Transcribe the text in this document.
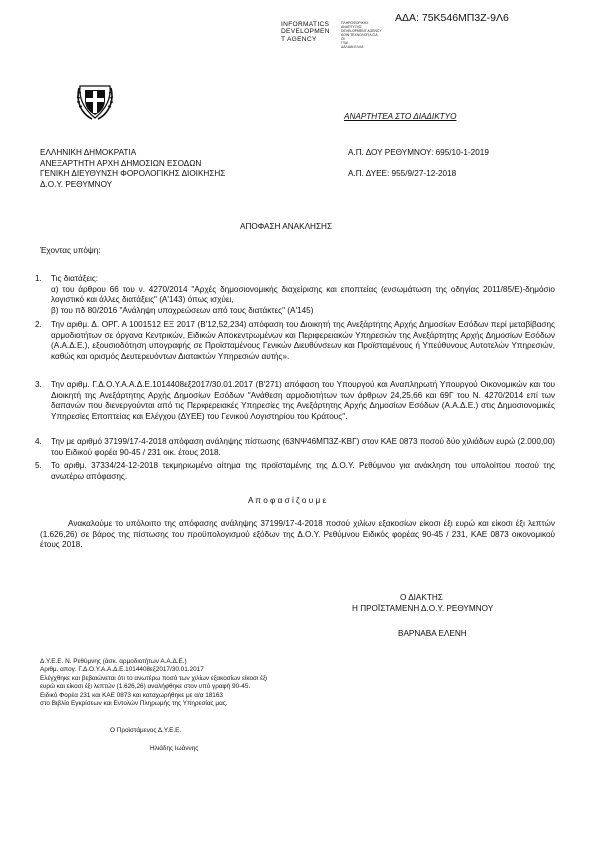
ΑΔΑ: 75Κ546ΜΠ3Ζ-9Λ6
INFORMATICS
DEVELOPMEN
T AGENCY
ΠΛΗΡΟΦΟΡΙΚΗΣ
ΑΝΑΠΤΥΞΗΣ
DEVELOPMENT AGENCY
ΚΟΙΝ ΤΕΧΝΟΛΟΓΙΑ ΙΣΑ
ΟΙ
ΓΥΑΙ
ΔΑΛΙΑΝ ΕΛΛΑ
ΑΝΑΡΤΗΤΕΑ ΣΤΟ ΔΙΑΔΙΚΤΥΟ
ΕΛΛΗΝΙΚΗ ΔΗΜΟΚΡΑΤΙΑ
ΑΝΕΞΑΡΤΗΤΗ ΑΡΧΗ ΔΗΜΟΣΙΩΝ ΕΣΟΔΩΝ
ΓΕΝΙΚΗ ΔΙΕΥΘΥΝΣΗ ΦΟΡΟΛΟΓΙΚΗΣ ΔΙΟΙΚΗΣΗΣ
Δ.Ο.Υ. ΡΕΘΥΜΝΟΥ
Α.Π. ΔΟΥ ΡΕΘΥΜΝΟΥ: 695/10-1-2019
Α.Π. ΔΥΕΕ: 955/9/27-12-2018
ΑΠΟΦΑΣΗ ΑΝΑΚΛΗΣΗΣ
Έχοντας υπόψη:
1. Τις διατάξεις:
α) του άρθρου 66 του ν. 4270/2014 "Αρχές δημοσιονομικής διαχείρισης και εποπτείας (ενσωμάτωση της οδηγίας 2011/85/Ε)-δημόσιο λογιστικό και άλλες διατάξεις" (Α'143) όπως ισχύει,
β) του πδ 80/2016 "Ανάληψη υποχρεώσεων από τους διατάκτες" (Α'145)
2. Την αριθμ. Δ. ΟΡΓ. Α 1001512 ΕΞ 2017 (Β'12,52,234) απόφαση του Διοικητή της Ανεξάρτητης Αρχής Δημοσίων Εσόδων περί μεταβίβασης αρμοδιοτήτων σε όργανα Κεντρικών, Ειδικών Αποκεντρωμένων και Περιφερειακών Υπηρεσιών της Ανεξάρτητης Αρχής Δημοσίων Εσόδων (Α.Α.Δ.Ε.), εξουσιοδότηση υπογραφής σε Προϊσταμένους Γενικών Διευθύνσεων και Προϊσταμένους ή Υπεύθυνους Αυτοτελών Υπηρεσιών, καθώς και ορισμός Δευτερευόντων Διατακτών Υπηρεσιών αυτής».
3. Την αριθμ. Γ.Δ.Ο.Υ.Α.Α.Δ.Ε.1014408εξ2017/30.01.2017 (Β'271) απόφαση του Υπουργού και Αναπληρωτή Υπουργού Οικονομικών και του Διοικητή της Ανεξάρτητης Αρχής Δημοσίων Εσόδων "Ανάθεση αρμοδιοτήτων των άρθρων 24,25,66 και 69Γ του Ν. 4270/2014 επί των δαπανών που διενεργούνται από τις Περιφερειακές Υπηρεσίες της Ανεξάρτητης Αρχής Δημοσίων Εσόδων (Α.Α.Δ.Ε.) στις Δημοσιονομικές Υπηρεσίες Εποπτείας και Ελέγχου (ΔΥΕΕ) του Γενικού Λογιστηρίου του Κράτους".
4. Την με αριθμό 37199/17-4-2018 απόφαση ανάληψης πίστωσης (63ΝΨ46ΜΠ3Ζ-ΚΒΓ) στον ΚΑΕ 0873 ποσού δύο χιλιάδων ευρώ (2.000,00) του Ειδικού φορέα 90-45 / 231 οικ. έτους 2018.
5. Το αριθμ. 37334/24-12-2018 τεκμηριωμένο αίτημα της προϊσταμένης της Δ.Ο.Υ. Ρεθύμνου για ανάκληση του υπολοίπου ποσού της ανωτέρω απόφασης.
Α π ο φ α σ ί ζ ο υ μ ε
Ανακαλούμε το υπόλοιπο της απόφασης ανάληψης 37199/17-4-2018 ποσού χιλίων εξακοσίων είκοσι έξι ευρώ και είκοσι έξι λεπτών (1.626,26) σε βάρος της πίστωσης του προϋπολογισμού εξόδων της Δ.Ο.Υ. Ρεθύμνου Ειδικός φορέας 90-45 / 231, ΚΑΕ 0873 οικονομικού έτους 2018.
Ο ΔΙΑΚΤΗΣ
Η ΠΡΟΪΣΤΑΜΕΝΗ Δ.Ο.Υ. ΡΕΘΥΜΝΟΥ
ΒΑΡΝΑΒΑ ΕΛΕΝΗ
Δ.Υ.Ε.Ε. Ν. Ρεθύμνης (άσκ. αρμοδιοτήτων Α.Α.Δ.Ε.)
Αριθμ. απογ. Γ.Δ.Ο.Υ.Α.Α.Δ.Ε.1014408εξ2017/30.01.2017
Ελέγχθηκε και βεβαιώνεται ότι το ανωτέρω ποσό των χιλίων εξακοσίων είκοσι έξι
ευρώ και είκοσι έξι λεπτών (1.626,26) αναλήφθηκε στον υπό γραφή 90-45.
Ειδικό Φορέα 231 και ΚΑΕ 0873 και καταχωρήθηκε με α/α 18163
στο Βιβλίο Εγκρίσεων και Εντολών Πληρωμής της Υπηρεσίας μας.
Ο Προϊστάμενος Δ.Υ.Ε.Ε.
Ηλιάδης Ιωάννης
